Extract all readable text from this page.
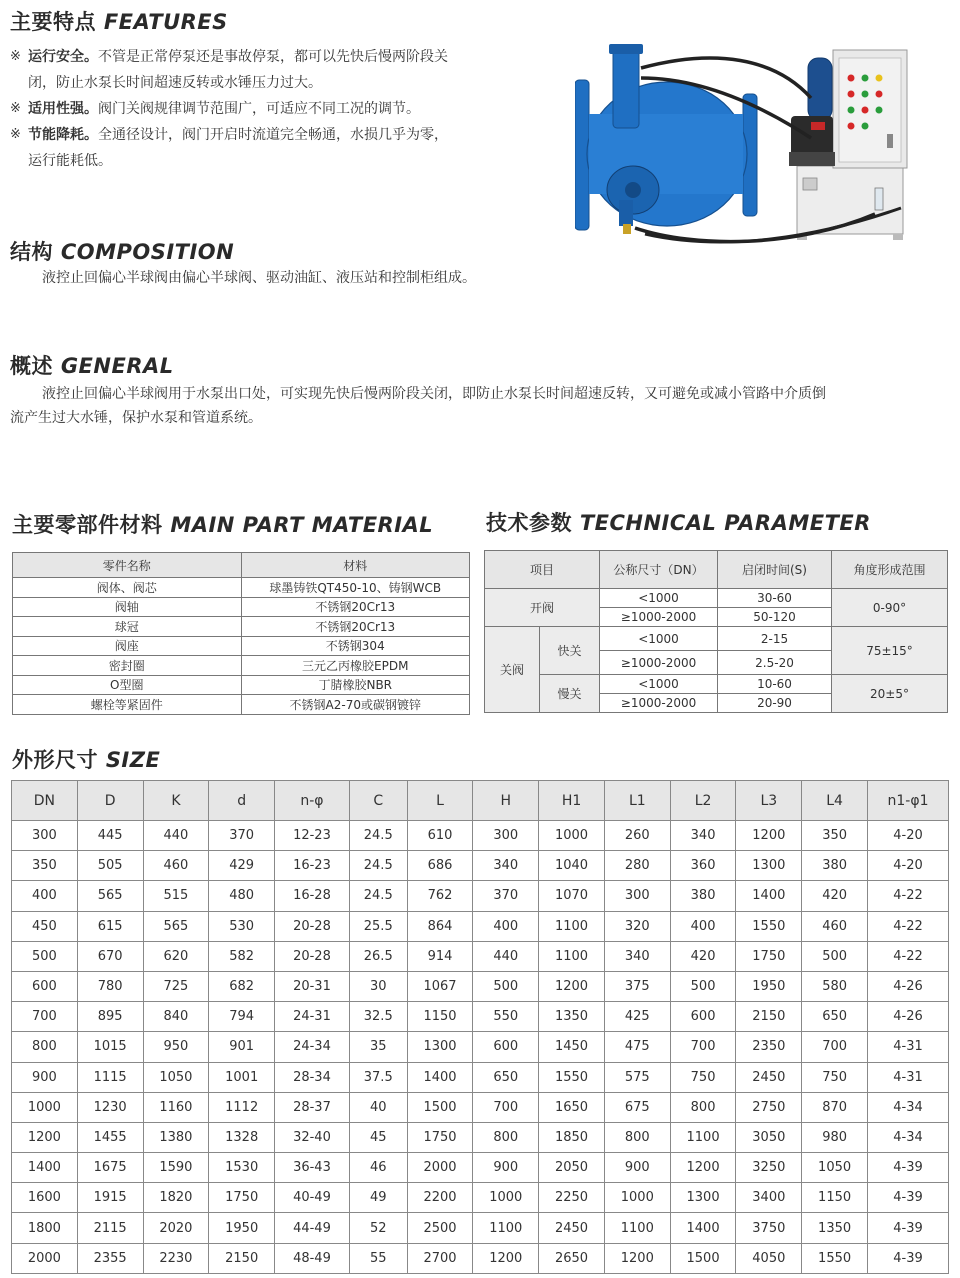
主要特点 FEATURES
※ 运行安全。不管是正常停泵还是事故停泵，都可以先快后慢两阶段关
闭，防止水泵长时间超速反转或水锤压力过大。
※ 适用性强。阀门关阀规律调节范围广，可适应不同工况的调节。
※ 节能降耗。全通径设计，阀门开启时流道完全畅通，水损几乎为零，
运行能耗低。
结构 COMPOSITION
液控止回偏心半球阀由偏心半球阀、驱动油缸、液压站和控制柜组成。
概述 GENERAL
液控止回偏心半球阀用于水泵出口处，可实现先快后慢两阶段关闭，即防止水泵长时间超速反转，又可避免或减小管路中介质倒
流产生过大水锤，保护水泵和管道系统。
主要零部件材料 MAIN PART MATERIAL
零件名称	材料
阀体、阀芯	球墨铸铁QT450-10、铸钢WCB
阀轴	不锈钢20Cr13
球冠	不锈钢20Cr13
阀座	不锈钢304
密封圈	三元乙丙橡胶EPDM
O型圈	丁腈橡胶NBR
螺栓等紧固件	不锈钢A2-70或碳钢镀锌
技术参数 TECHNICAL PARAMETER
项目		公称尺寸（DN）	启闭时间(S)	角度形成范围
开阀		<1000	30-60	0-90°
		≥1000-2000	50-120	
关阀	快关	<1000	2-15	75±15°
		≥1000-2000	2.5-20	
	慢关	<1000	10-60	20±5°
		≥1000-2000	20-90	
外形尺寸 SIZE
DN	D	K	d	n-φ	C	L	H	H1	L1	L2	L3	L4	n1-φ1
300	445	440	370	12-23	24.5	610	300	1000	260	340	1200	350	4-20
350	505	460	429	16-23	24.5	686	340	1040	280	360	1300	380	4-20
400	565	515	480	16-28	24.5	762	370	1070	300	380	1400	420	4-22
450	615	565	530	20-28	25.5	864	400	1100	320	400	1550	460	4-22
500	670	620	582	20-28	26.5	914	440	1100	340	420	1750	500	4-22
600	780	725	682	20-31	30	1067	500	1200	375	500	1950	580	4-26
700	895	840	794	24-31	32.5	1150	550	1350	425	600	2150	650	4-26
800	1015	950	901	24-34	35	1300	600	1450	475	700	2350	700	4-31
900	1115	1050	1001	28-34	37.5	1400	650	1550	575	750	2450	750	4-31
1000	1230	1160	1112	28-37	40	1500	700	1650	675	800	2750	870	4-34
1200	1455	1380	1328	32-40	45	1750	800	1850	800	1100	3050	980	4-34
1400	1675	1590	1530	36-43	46	2000	900	2050	900	1200	3250	1050	4-39
1600	1915	1820	1750	40-49	49	2200	1000	2250	1000	1300	3400	1150	4-39
1800	2115	2020	1950	44-49	52	2500	1100	2450	1100	1400	3750	1350	4-39
2000	2355	2230	2150	48-49	55	2700	1200	2650	1200	1500	4050	1550	4-39
